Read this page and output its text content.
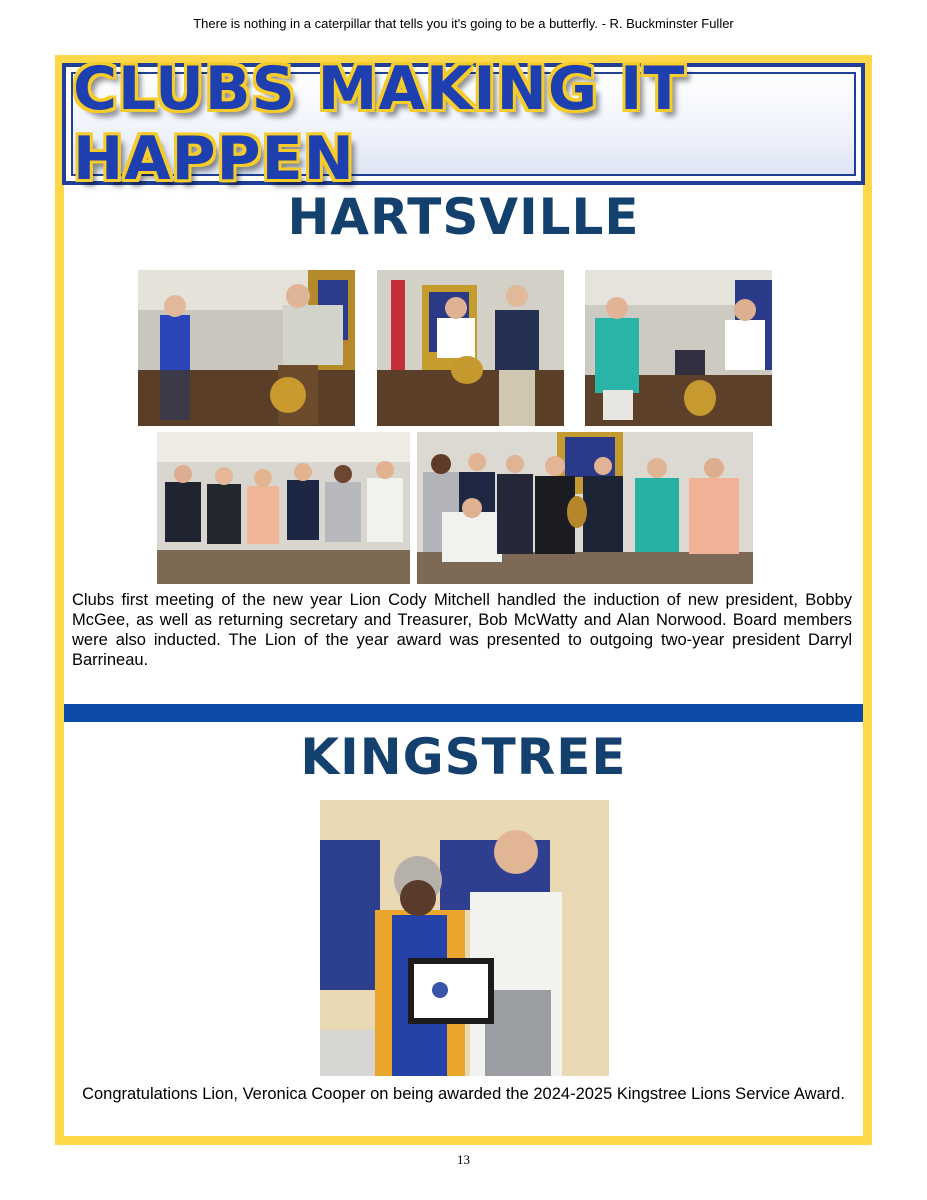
There is nothing in a caterpillar that tells you it's going to be a butterfly. - R. Buckminster Fuller
CLUBS MAKING IT HAPPEN
HARTSVILLE
Clubs first meeting of the new year Lion Cody Mitchell handled the induction of new president, Bobby McGee, as well as returning secretary and Treasurer, Bob McWatty and Alan Norwood. Board members were also inducted. The Lion of the year award was presented to outgoing two-year president Darryl Barrineau.
KINGSTREE
Congratulations Lion, Veronica Cooper on being awarded the 2024-2025 Kingstree Lions Service Award.
13
